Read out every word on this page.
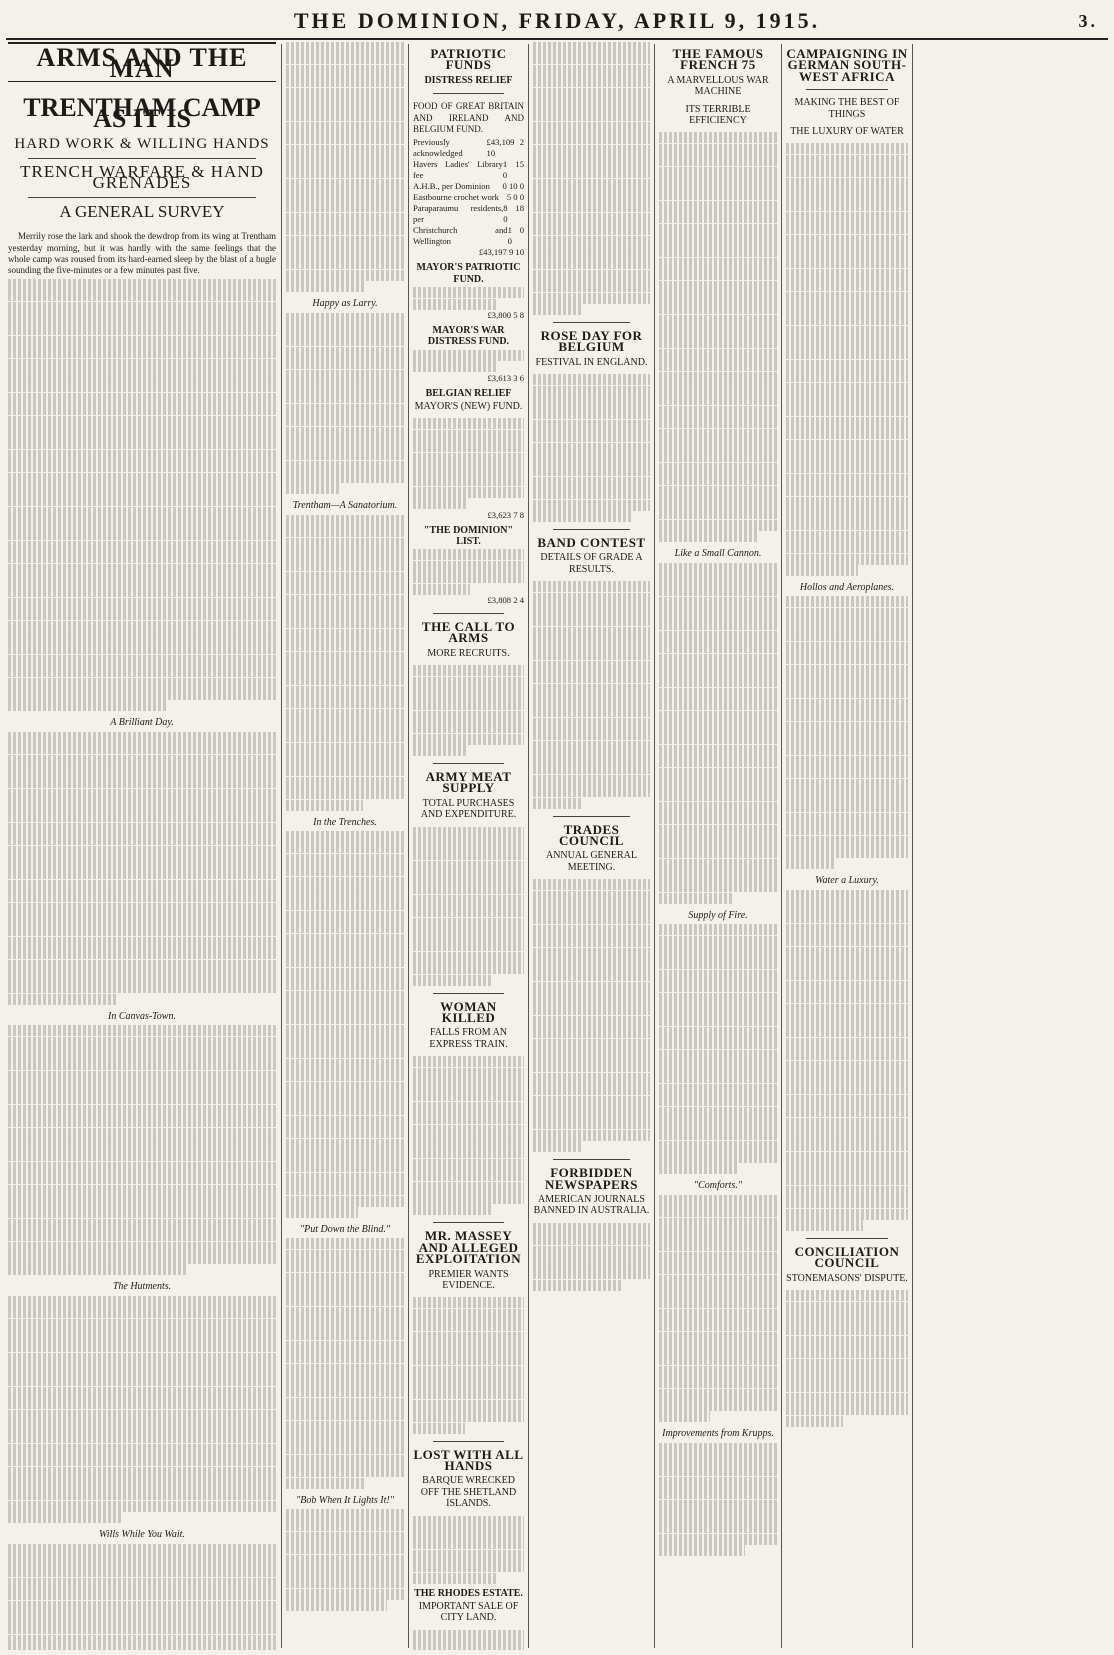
THE DOMINION, FRIDAY, APRIL 9, 1915.	3.
ARMS AND THE MAN
TRENTHAM CAMP AS IT IS
HARD WORK & WILLING HANDS
TRENCH WARFARE & HAND GRENADES
A GENERAL SURVEY

Merrily rose the lark and shook the dewdrop from its wing at Trentham yesterday morning, but it was hardly with the same feelings that the whole camp was roused from its hard-earned sleep by the blast of a bugle sounding the five-minutes or a few minutes past five.

A Brilliant Day.
In Canvas-Town.
The Hutments.
Wills While You Wait.
Happy as Larry.
Trentham—A Sanatorium.
In the Trenches.
"Put Down the Blind."
"Bob When It Lights It!"
PATRIOTIC FUNDS
DISTRESS RELIEF

FOOD OF GREAT BRITAIN AND IRELAND AND BELGIUM FUND.

Previously acknowledged
£43,109 2 10
Havers Ladies' Library fee
1 15 0
A.H.B., per Dominion 0 10 0
Eastbourne crochet work 5 0 0
Paraparaumu residents, per
8 18 0
Christchurch and Wellington
1 0 0
£43,197 9 10
MAYOR'S PATRIOTIC FUND.
£3,800 5 8
MAYOR'S WAR DISTRESS FUND.
£3,613 3 6
BELGIAN RELIEF
MAYOR'S (NEW) FUND.
£3,623 7 8
"THE DOMINION" LIST.
£3,808 2 4
THE CALL TO ARMS
MORE RECRUITS.
ARMY MEAT SUPPLY
TOTAL PURCHASES AND EXPENDITURE.
WOMAN KILLED
FALLS FROM AN EXPRESS TRAIN.
MR. MASSEY AND ALLEGED EXPLOITATION
PREMIER WANTS EVIDENCE.
LOST WITH ALL HANDS
BARQUE WRECKED OFF THE SHETLAND ISLANDS.
THE RHODES ESTATE.
IMPORTANT SALE OF CITY LAND.
ROSE DAY FOR BELGIUM
FESTIVAL IN ENGLAND.
BAND CONTEST
DETAILS OF GRADE A RESULTS.
TRADES COUNCIL
ANNUAL GENERAL MEETING.
FORBIDDEN NEWSPAPERS
AMERICAN JOURNALS BANNED IN AUSTRALIA.
THE FAMOUS FRENCH 75
A MARVELLOUS WAR MACHINE
ITS TERRIBLE EFFICIENCY
Like a Small Cannon.
Supply of Fire.
"Comforts."
Improvements from Krupps.
CAMPAIGNING IN GERMAN SOUTH-WEST AFRICA
MAKING THE BEST OF THINGS
THE LUXURY OF WATER
Hollos and Aeroplanes.
Water a Luxury.
CONCILIATION COUNCIL
STONEMASONS' DISPUTE.
